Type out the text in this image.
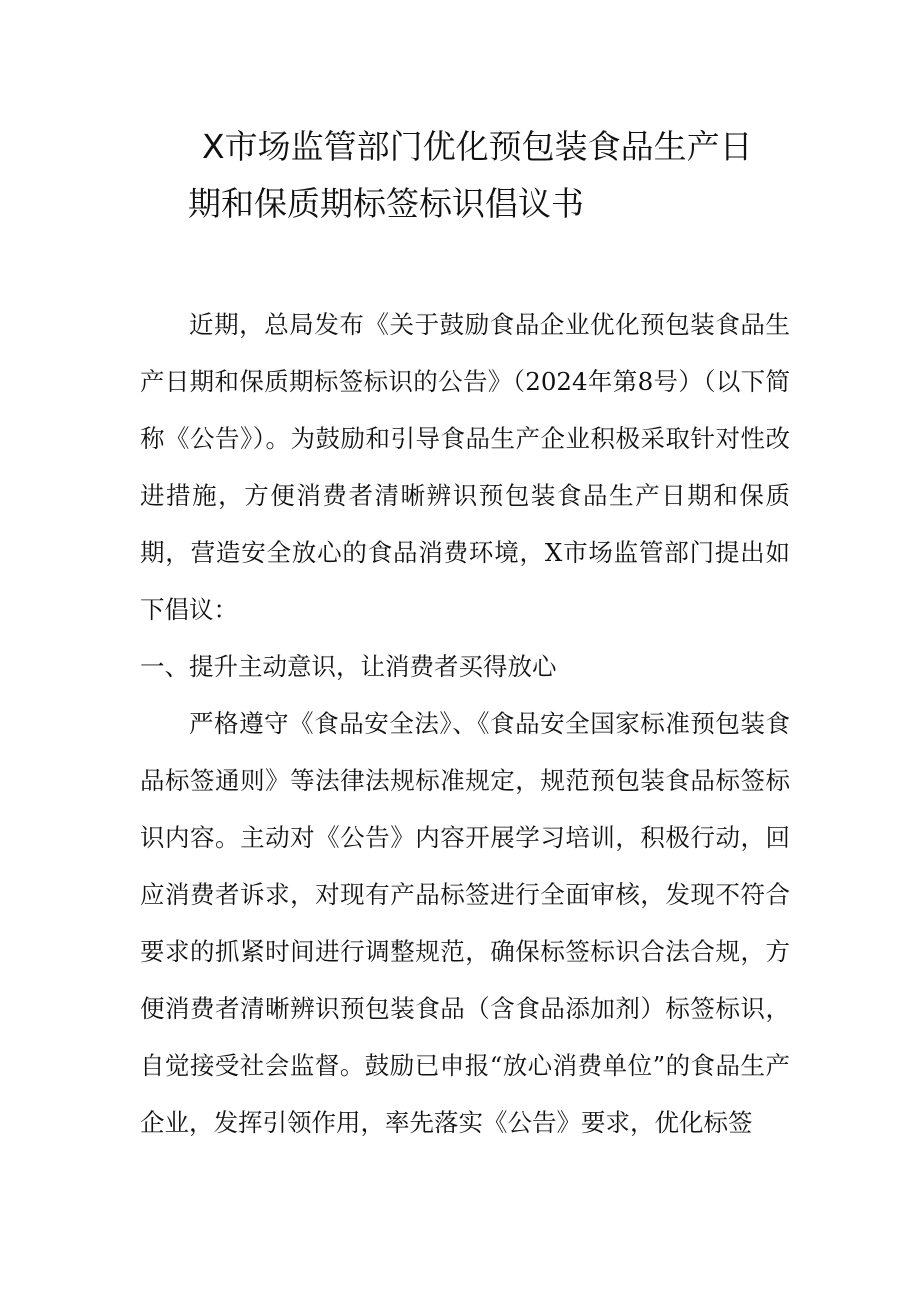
X市场监管部门优化预包装食品生产日
期和保质期标签标识倡议书

近期，总局发布《关于鼓励食品企业优化预包装食品生产日期和保质期标签标识的公告》（2024年第8号）（以下简称《公告》）。为鼓励和引导食品生产企业积极采取针对性改进措施，方便消费者清晰辨识预包装食品生产日期和保质期，营造安全放心的食品消费环境，X市场监管部门提出如下倡议：

一、提升主动意识，让消费者买得放心

严格遵守《食品安全法》、《食品安全国家标准预包装食品标签通则》等法律法规标准规定，规范预包装食品标签标识内容。主动对《公告》内容开展学习培训，积极行动，回应消费者诉求，对现有产品标签进行全面审核，发现不符合要求的抓紧时间进行调整规范，确保标签标识合法合规，方便消费者清晰辨识预包装食品（含食品添加剂）标签标识，自觉接受社会监督。鼓励已申报“放心消费单位”的食品生产企业，发挥引领作用，率先落实《公告》要求，优化标签
